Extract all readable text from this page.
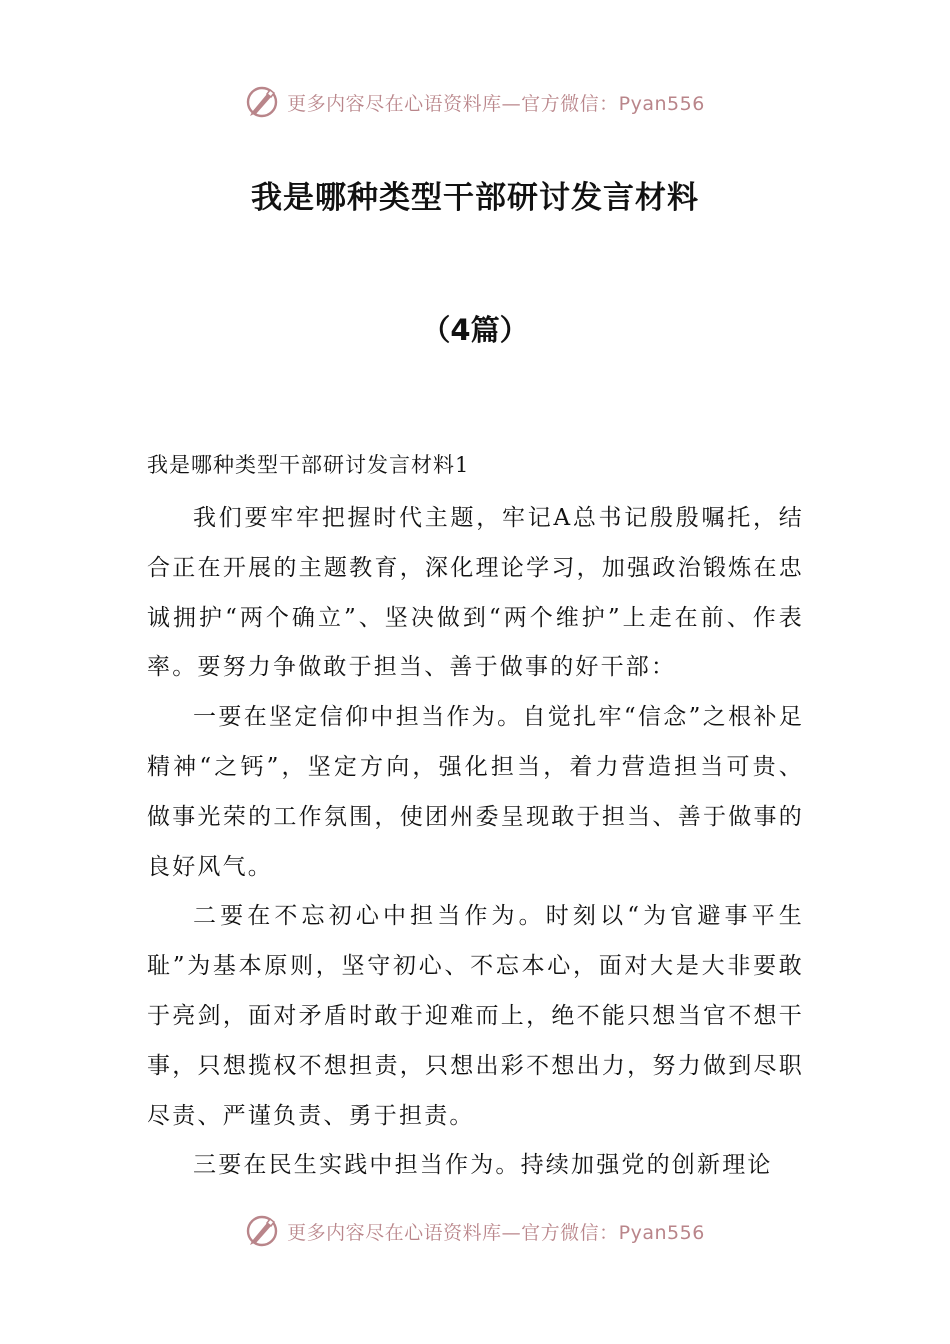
更多内容尽在心语资料库—官方微信：Pyan556
我是哪种类型干部研讨发言材料
（4篇）
我是哪种类型干部研讨发言材料1

我们要牢牢把握时代主题，牢记A总书记殷殷嘱托，结合正在开展的主题教育，深化理论学习，加强政治锻炼在忠诚拥护“两个确立”、坚决做到“两个维护”上走在前、作表率。要努力争做敢于担当、善于做事的好干部：

一要在坚定信仰中担当作为。自觉扎牢“信念”之根补足精神“之钙”，坚定方向，强化担当，着力营造担当可贵、做事光荣的工作氛围，使团州委呈现敢于担当、善于做事的良好风气。

二要在不忘初心中担当作为。时刻以“为官避事平生耻”为基本原则，坚守初心、不忘本心，面对大是大非要敢于亮剑，面对矛盾时敢于迎难而上，绝不能只想当官不想干事，只想揽权不想担责，只想出彩不想出力，努力做到尽职尽责、严谨负责、勇于担责。

三要在民生实践中担当作为。持续加强党的创新理论

更多内容尽在心语资料库—官方微信：Pyan556
